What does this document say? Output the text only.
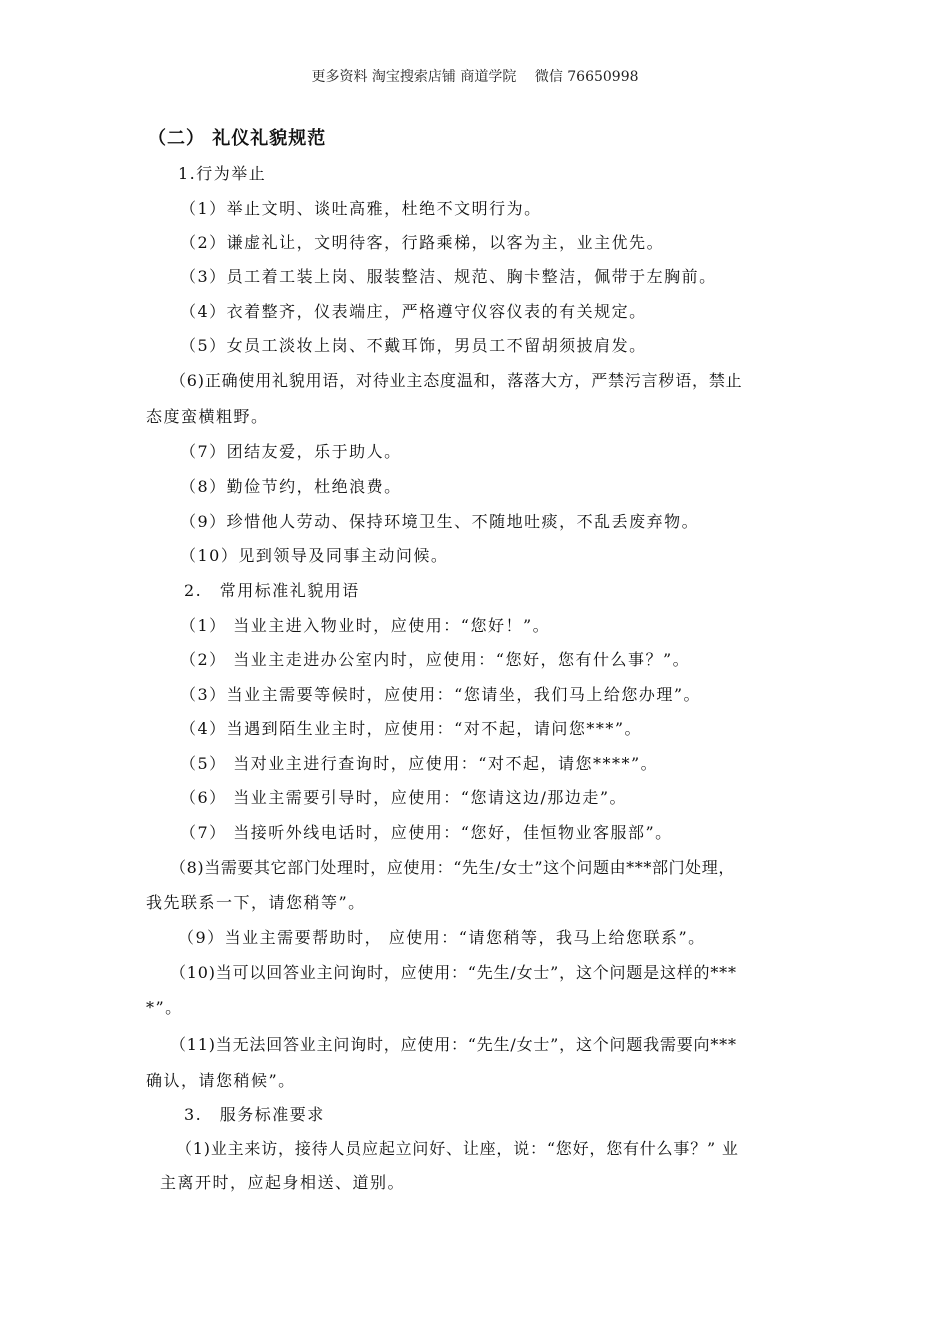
更多资料 淘宝搜索店铺 商道学院　 微信 76650998
（二） 礼仪礼貌规范
1.行为举止
（1）举止文明、谈吐高雅，杜绝不文明行为。
（2）谦虚礼让，文明待客，行路乘梯，以客为主，业主优先。
（3）员工着工装上岗、服装整洁、规范、胸卡整洁，佩带于左胸前。
（4）衣着整齐，仪表端庄，严格遵守仪容仪表的有关规定。
（5）女员工淡妆上岗、不戴耳饰，男员工不留胡须披肩发。
（6)正确使用礼貌用语，对待业主态度温和，落落大方，严禁污言秽语，禁止
态度蛮横粗野。
（7）团结友爱，乐于助人。
（8）勤俭节约，杜绝浪费。
（9）珍惜他人劳动、保持环境卫生、不随地吐痰，不乱丢废弃物。
（10）见到领导及同事主动问候。
2.　常用标准礼貌用语
（1） 当业主进入物业时，应使用：“您好！”。
（2） 当业主走进办公室内时，应使用：“您好，您有什么事？”。
（3）当业主需要等候时，应使用：“您请坐，我们马上给您办理”。
（4）当遇到陌生业主时，应使用：“对不起，请问您***”。
（5） 当对业主进行查询时，应使用：“对不起，请您****”。
（6） 当业主需要引导时，应使用：“您请这边/那边走”。
（7） 当接听外线电话时，应使用：“您好，佳恒物业客服部”。
（8)当需要其它部门处理时，应使用：“先生/女士”这个问题由***部门处理，
我先联系一下，请您稍等”。
（9）当业主需要帮助时， 应使用：“请您稍等，我马上给您联系”。
（10)当可以回答业主问询时，应使用：“先生/女士”，这个问题是这样的***
*”。
（11)当无法回答业主问询时，应使用：“先生/女士”，这个问题我需要向***
确认，请您稍候”。
3.　服务标准要求
（1)业主来访，接待人员应起立问好、让座，说：“您好，您有什么事？” 业
主离开时，应起身相送、道别。
